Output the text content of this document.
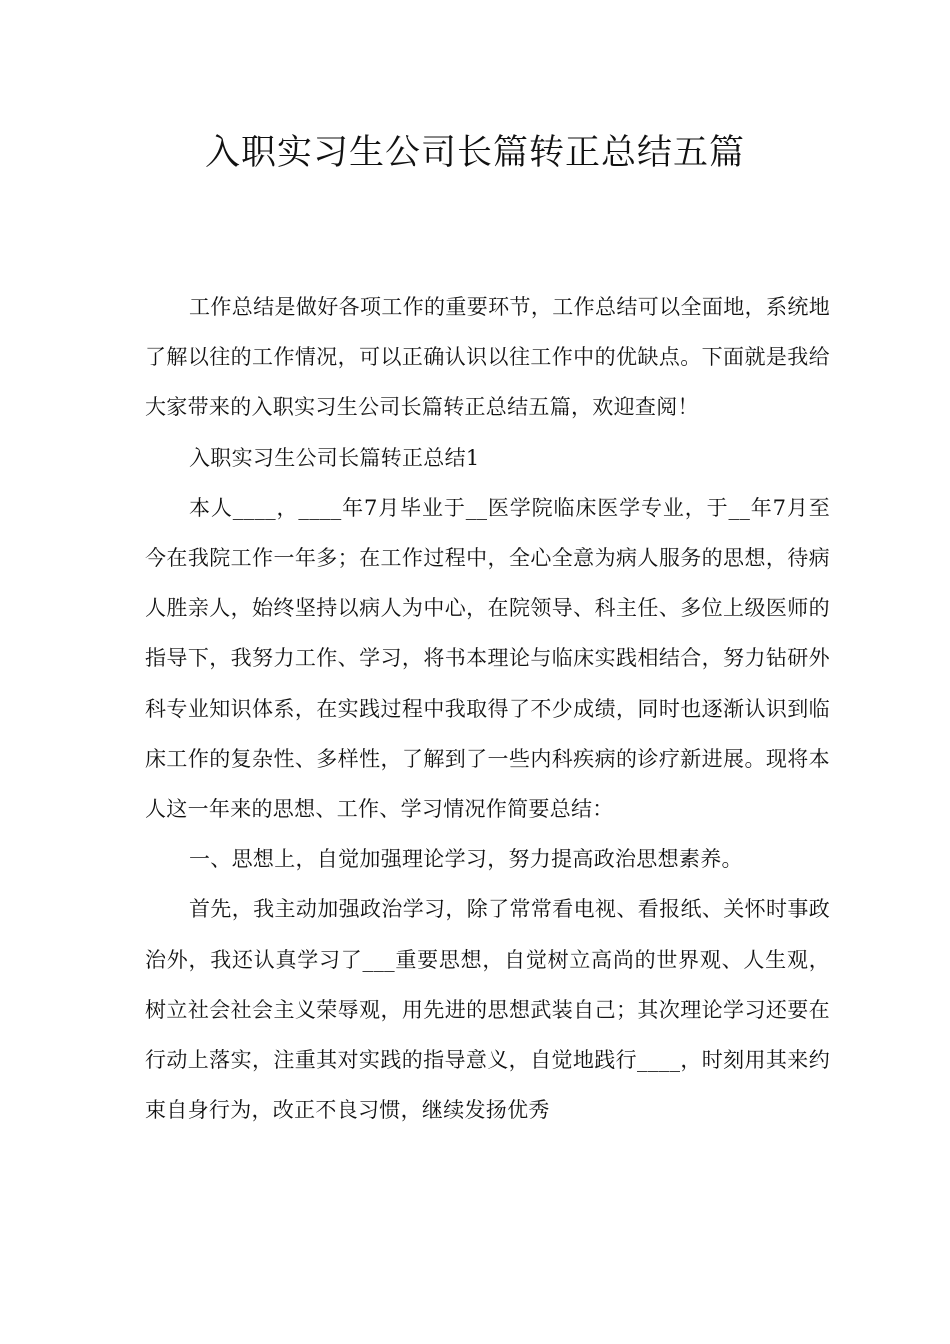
入职实习生公司长篇转正总结五篇

工作总结是做好各项工作的重要环节，工作总结可以全面地，系统地了解以往的工作情况，可以正确认识以往工作中的优缺点。下面就是我给大家带来的入职实习生公司长篇转正总结五篇，欢迎查阅！

入职实习生公司长篇转正总结1

本人____，____年7月毕业于__医学院临床医学专业，于__年7月至今在我院工作一年多；在工作过程中，全心全意为病人服务的思想，待病人胜亲人，始终坚持以病人为中心，在院领导、科主任、多位上级医师的指导下，我努力工作、学习，将书本理论与临床实践相结合，努力钻研外科专业知识体系，在实践过程中我取得了不少成绩，同时也逐渐认识到临床工作的复杂性、多样性，了解到了一些内科疾病的诊疗新进展。现将本人这一年来的思想、工作、学习情况作简要总结：

一、思想上，自觉加强理论学习，努力提高政治思想素养。

首先，我主动加强政治学习，除了常常看电视、看报纸、关怀时事政治外，我还认真学习了___重要思想，自觉树立高尚的世界观、人生观，树立社会社会主义荣辱观，用先进的思想武装自己；其次理论学习还要在行动上落实，注重其对实践的指导意义，自觉地践行____，时刻用其来约束自身行为，改正不良习惯，继续发扬优秀
